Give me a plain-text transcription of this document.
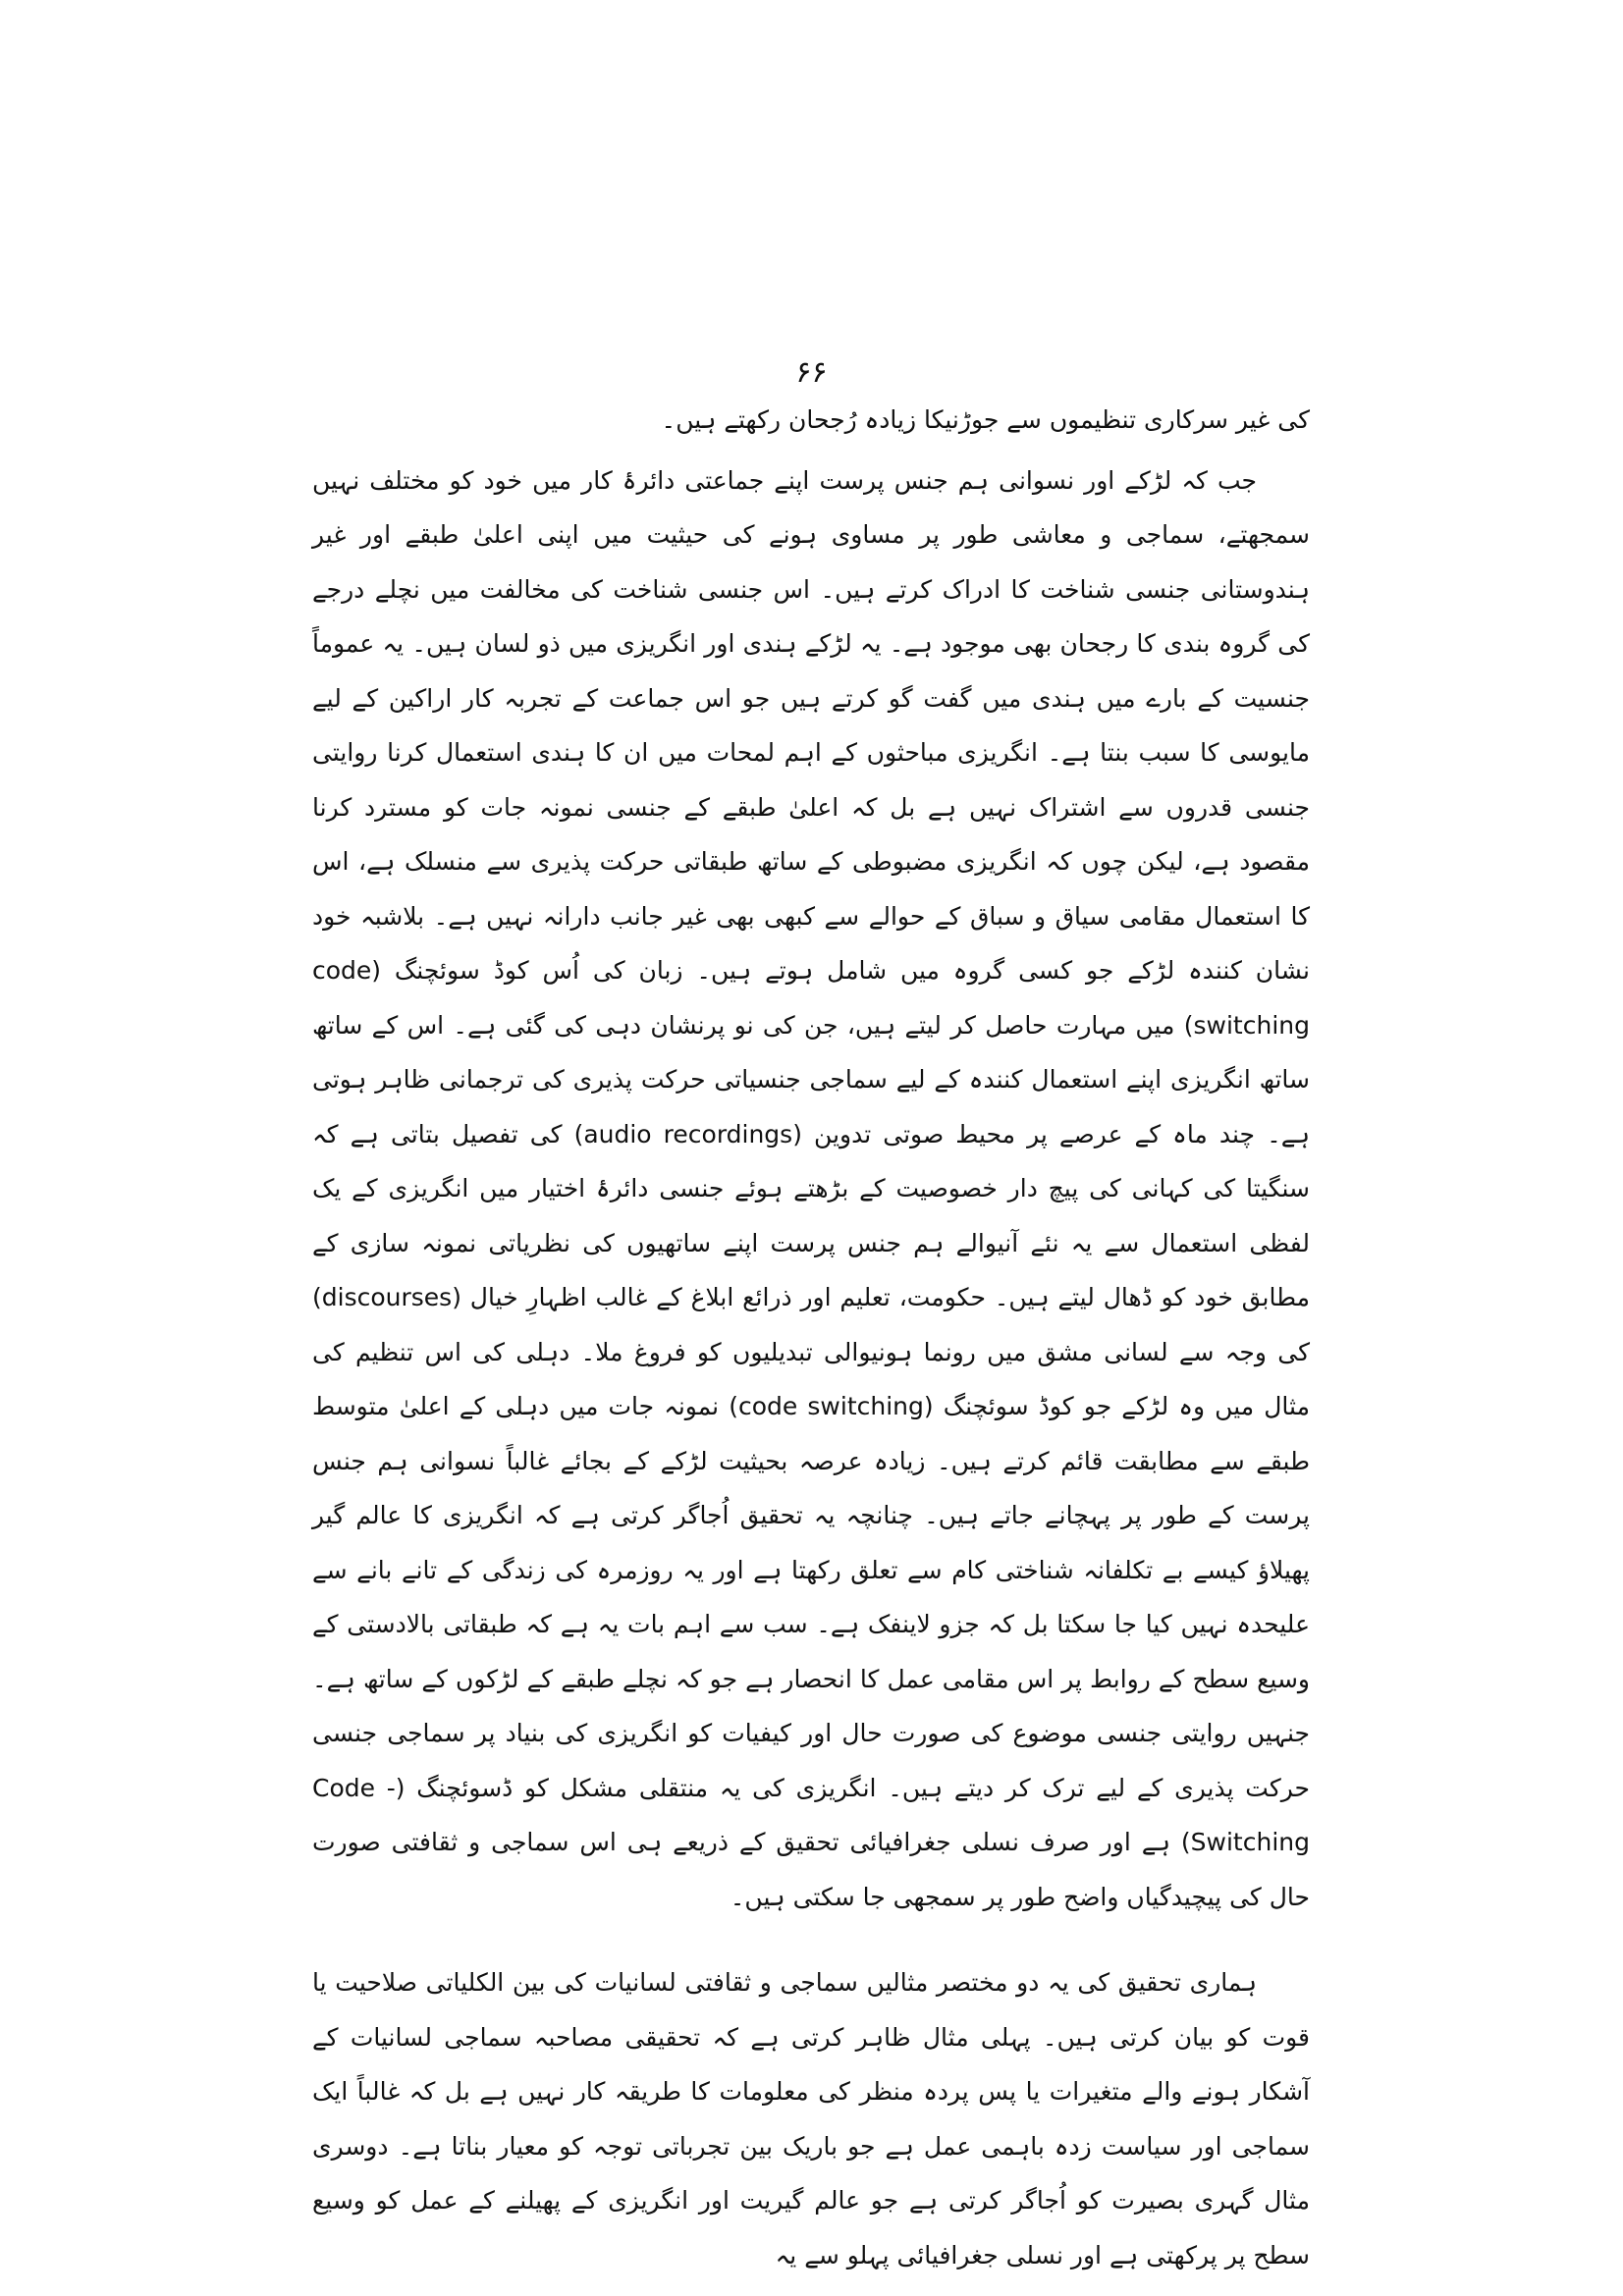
۶۶

کی غیر سرکاری تنظیموں سے جوڑنیکا زیادہ رُجحان رکھتے ہیں۔

جب کہ لڑکے اور نسوانی ہم جنس پرست اپنے جماعتی دائرۂ کار میں خود کو مختلف نہیں سمجھتے، سماجی و معاشی طور پر مساوی ہونے کی حیثیت میں اپنی اعلیٰ طبقے اور غیر ہندوستانی جنسی شناخت کا ادراک کرتے ہیں۔ اس جنسی شناخت کی مخالفت میں نچلے درجے کی گروہ بندی کا رجحان بھی موجود ہے۔ یہ لڑکے ہندی اور انگریزی میں ذو لسان ہیں۔ یہ عموماً جنسیت کے بارے میں ہندی میں گفت گو کرتے ہیں جو اس جماعت کے تجربہ کار اراکین کے لیے مایوسی کا سبب بنتا ہے۔ انگریزی مباحثوں کے اہم لمحات میں ان کا ہندی استعمال کرنا روایتی جنسی قدروں سے اشتراک نہیں ہے بل کہ اعلیٰ طبقے کے جنسی نمونہ جات کو مسترد کرنا مقصود ہے، لیکن چوں کہ انگریزی مضبوطی کے ساتھ طبقاتی حرکت پذیری سے منسلک ہے، اس کا استعمال مقامی سیاق و سباق کے حوالے سے کبھی بھی غیر جانب دارانہ نہیں ہے۔ بلاشبہ خود نشان کنندہ لڑکے جو کسی گروہ میں شامل ہوتے ہیں۔ زبان کی اُس کوڈ سوئچنگ (code switching) میں مہارت حاصل کر لیتے ہیں، جن کی نو پرنشان دہی کی گئی ہے۔ اس کے ساتھ ساتھ انگریزی اپنے استعمال کنندہ کے لیے سماجی جنسیاتی حرکت پذیری کی ترجمانی ظاہر ہوتی ہے۔ چند ماہ کے عرصے پر محیط صوتی تدوین (audio recordings) کی تفصیل بتاتی ہے کہ سنگیتا کی کہانی کی پیچ دار خصوصیت کے بڑھتے ہوئے جنسی دائرۂ اختیار میں انگریزی کے یک لفظی استعمال سے یہ نئے آنیوالے ہم جنس پرست اپنے ساتھیوں کی نظریاتی نمونہ سازی کے مطابق خود کو ڈھال لیتے ہیں۔ حکومت، تعلیم اور ذرائع ابلاغ کے غالب اظہارِ خیال (discourses) کی وجہ سے لسانی مشق میں رونما ہونیوالی تبدیلیوں کو فروغ ملا۔ دہلی کی اس تنظیم کی مثال میں وہ لڑکے جو کوڈ سوئچنگ (code switching) نمونہ جات میں دہلی کے اعلیٰ متوسط طبقے سے مطابقت قائم کرتے ہیں۔ زیادہ عرصہ بحیثیت لڑکے کے بجائے غالباً نسوانی ہم جنس پرست کے طور پر پہچانے جاتے ہیں۔ چنانچہ یہ تحقیق اُجاگر کرتی ہے کہ انگریزی کا عالم گیر پھیلاؤ کیسے بے تکلفانہ شناختی کام سے تعلق رکھتا ہے اور یہ روزمرہ کی زندگی کے تانے بانے سے علیحدہ نہیں کیا جا سکتا بل کہ جزو لاینفک ہے۔ سب سے اہم بات یہ ہے کہ طبقاتی بالادستی کے وسیع سطح کے روابط پر اس مقامی عمل کا انحصار ہے جو کہ نچلے طبقے کے لڑکوں کے ساتھ ہے۔ جنہیں روایتی جنسی موضوع کی صورت حال اور کیفیات کو انگریزی کی بنیاد پر سماجی جنسی حرکت پذیری کے لیے ترک کر دیتے ہیں۔ انگریزی کی یہ منتقلی مشکل کو ڈسوئچنگ (Code -Switching) ہے اور صرف نسلی جغرافیائی تحقیق کے ذریعے ہی اس سماجی و ثقافتی صورت حال کی پیچیدگیاں واضح طور پر سمجھی جا سکتی ہیں۔

ہماری تحقیق کی یہ دو مختصر مثالیں سماجی و ثقافتی لسانیات کی بین الکلیاتی صلاحیت یا قوت کو بیان کرتی ہیں۔ پہلی مثال ظاہر کرتی ہے کہ تحقیقی مصاحبہ سماجی لسانیات کے آشکار ہونے والے متغیرات یا پس پردہ منظر کی معلومات کا طریقہ کار نہیں ہے بل کہ غالباً ایک سماجی اور سیاست زدہ باہمی عمل ہے جو باریک بین تجرباتی توجہ کو معیار بناتا ہے۔ دوسری مثال گہری بصیرت کو اُجاگر کرتی ہے جو عالم گیریت اور انگریزی کے پھیلنے کے عمل کو وسیع سطح پر پرکھتی ہے اور نسلی جغرافیائی پہلو سے یہ
